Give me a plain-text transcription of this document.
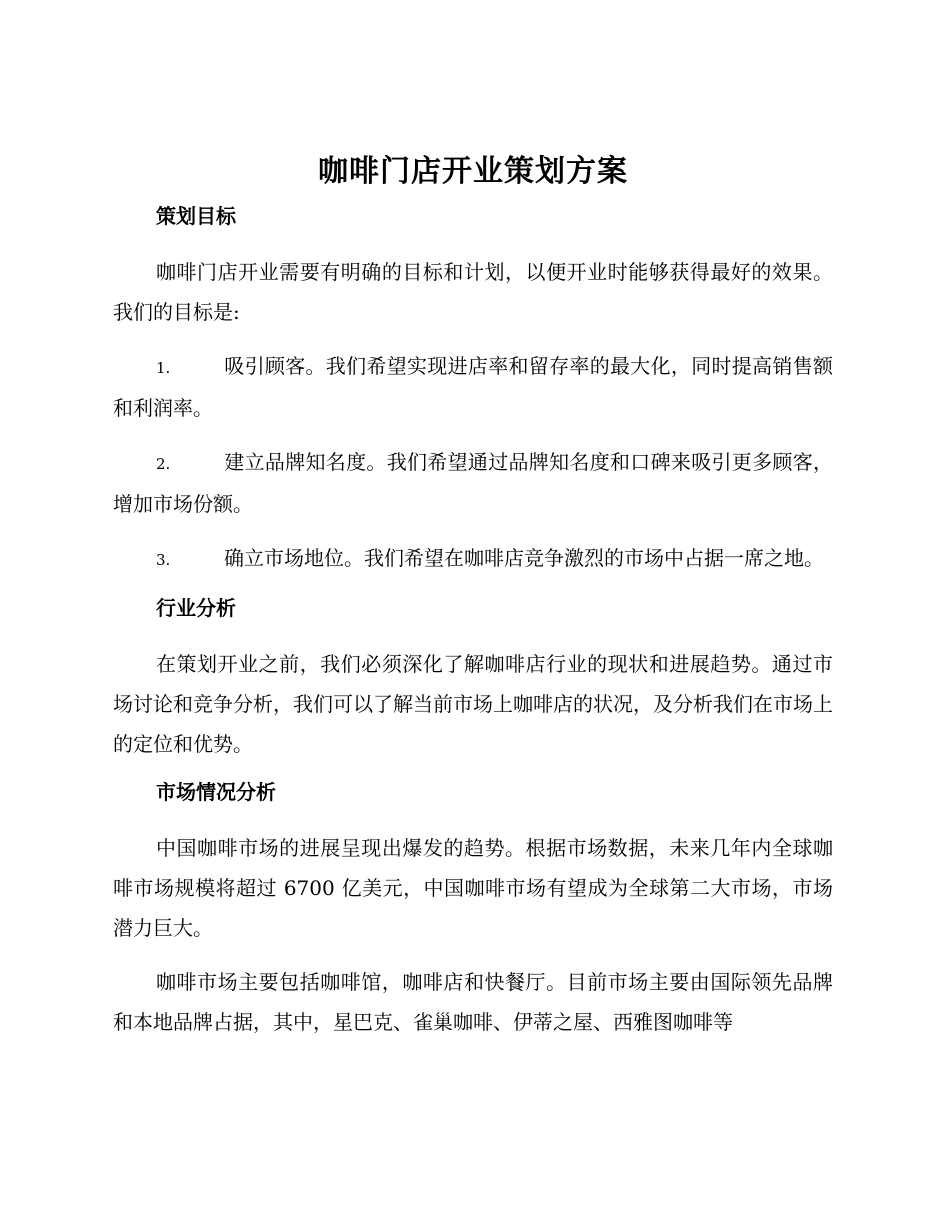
咖啡门店开业策划方案
策划目标

咖啡门店开业需要有明确的目标和计划，以便开业时能够获得最好的效果。我们的目标是:

1.	吸引顾客。我们希望实现进店率和留存率的最大化，同时提高销售额和利润率。

2.	建立品牌知名度。我们希望通过品牌知名度和口碑来吸引更多顾客，增加市场份额。

3.	确立市场地位。我们希望在咖啡店竞争激烈的市场中占据一席之地。

行业分析

在策划开业之前，我们必须深化了解咖啡店行业的现状和进展趋势。通过市场讨论和竞争分析，我们可以了解当前市场上咖啡店的状况，及分析我们在市场上的定位和优势。

市场情况分析

中国咖啡市场的进展呈现出爆发的趋势。根据市场数据，未来几年内全球咖啡市场规模将超过 6700 亿美元，中国咖啡市场有望成为全球第二大市场，市场潜力巨大。

咖啡市场主要包括咖啡馆，咖啡店和快餐厅。目前市场主要由国际领先品牌和本地品牌占据，其中，星巴克、雀巢咖啡、伊蒂之屋、西雅图咖啡等
